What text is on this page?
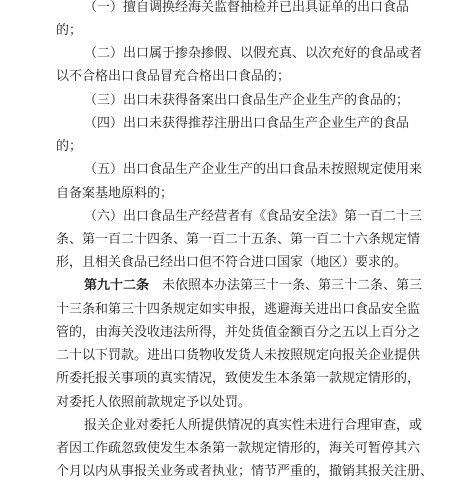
（一）擅自调换经海关监督抽检并已出具证单的出口食品
的；
（二）出口属于掺杂掺假、以假充真、以次充好的食品或者
以不合格出口食品冒充合格出口食品的；
（三）出口未获得备案出口食品生产企业生产的食品的；
（四）出口未获得推荐注册出口食品生产企业生产的食品
的；
（五）出口食品生产企业生产的出口食品未按照规定使用来
自备案基地原料的；
（六）出口食品生产经营者有《食品安全法》第一百二十三
条、第一百二十四条、第一百二十五条、第一百二十六条规定情
形，且相关食品已经出口但不符合进口国家（地区）要求的。
第九十二条 未依照本办法第三十一条、第三十二条、第三
十三条和第三十四条规定如实申报，逃避海关进出口食品安全监
管的，由海关没收违法所得，并处货值金额百分之五以上百分之
二十以下罚款。进出口货物收发货人未按照规定向报关企业提供
所委托报关事项的真实情况，致使发生本条第一款规定情形的，
对委托人依照前款规定予以处罚。
报关企业对委托人所提供情况的真实性未进行合理审查，或
者因工作疏忽致使发生本条第一款规定情形的，海关可暂停其六
个月以内从事报关业务或者执业；情节严重的，撤销其报关注册、
